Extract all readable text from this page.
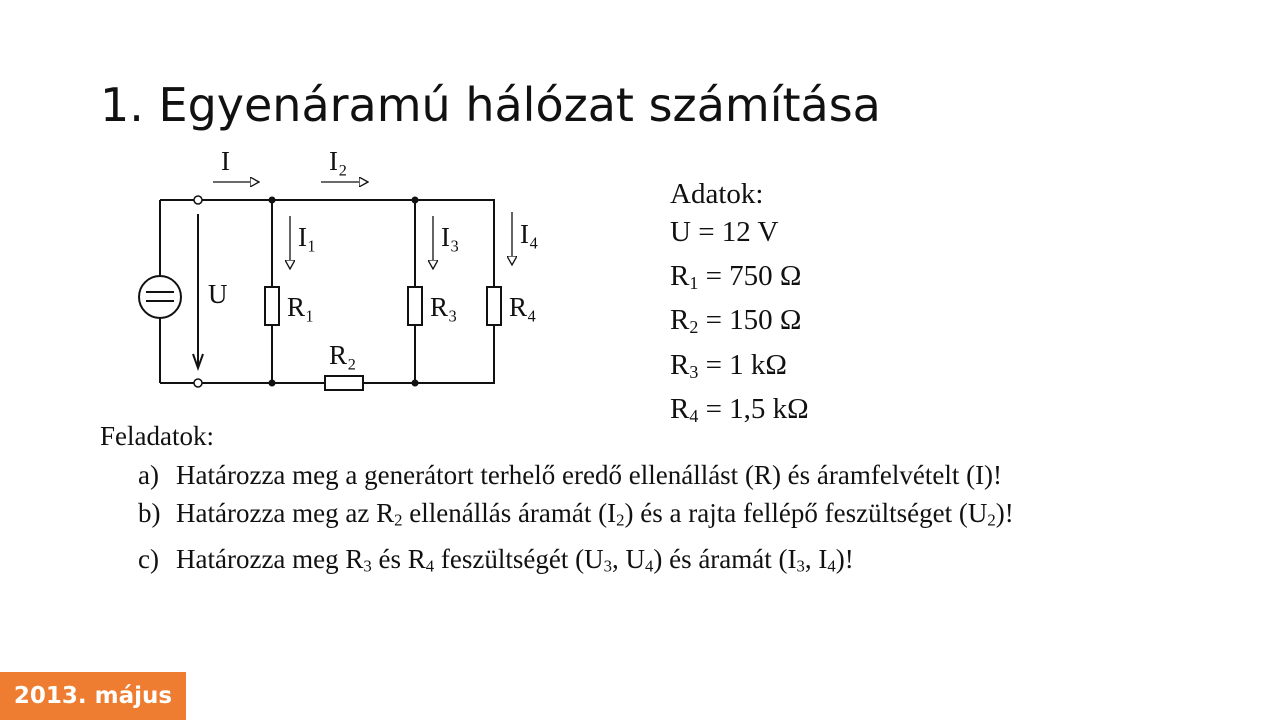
1. Egyenáramú hálózat számítása
I	I₂
I₁	I₃ I₄
U R₁	R₃ R₄
R₂
Adatok:
U = 12 V
$R_1 = 750$ Ω
$R_2 = 150$ Ω
$R_3 = 1$ kΩ
$R_4 = 1,5$ kΩ
Feladatok:
a) Határozza meg a generátort terhelő eredő ellenállást (R) és áramfelvételt (I)!
b) Határozza meg az $R_2$ ellenállás áramát $(I_2)$ és a rajta fellépő feszültséget $(U_2)$!
c) Határozza meg $R_3$ és $R_4$ feszültségét ($U_3$, $U_4$) és áramát ($I_3$, $I_4$)!
2013. május
